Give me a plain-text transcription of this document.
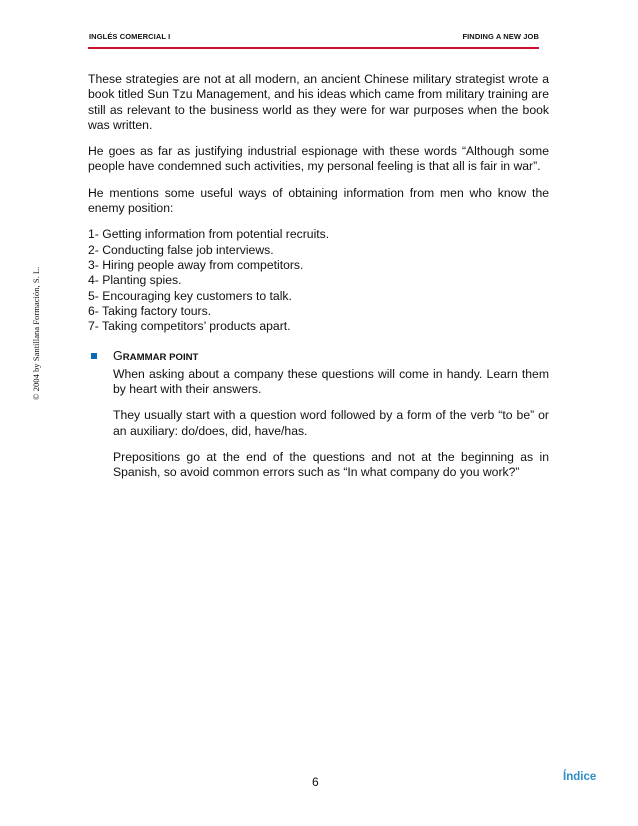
INGLÉS COMERCIAL I	FINDING A NEW JOB
© 2004 by Santillana Formación, S. L.

These strategies are not at all modern, an ancient Chinese military strategist wrote a book titled Sun Tzu Management, and his ideas which came from military training are still as relevant to the business world as they were for war purposes when the book was written.

He goes as far as justifying industrial espionage with these words “Although some people have condemned such activities, my personal feeling is that all is fair in war”.

He mentions some useful ways of obtaining information from men who know the enemy position:

1- Getting information from potential recruits.
2- Conducting false job interviews.
3- Hiring people away from competitors.
4- Planting spies.
5- Encouraging key customers to talk.
6- Taking factory tours.
7- Taking competitors’ products apart.
GRAMMAR POINT

When asking about a company these questions will come in handy. Learn them by heart with their answers.

They usually start with a question word followed by a form of the verb “to be” or an auxiliary: do/does, did, have/has.

Prepositions go at the end of the questions and not at the beginning as in Spanish, so avoid common errors such as “In what company do you work?”

6	Índice
